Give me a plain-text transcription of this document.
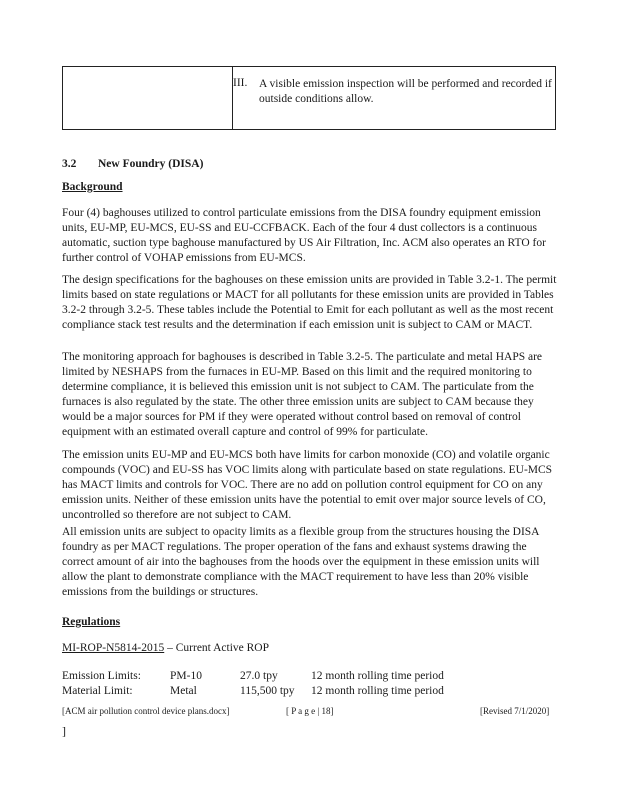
III. A visible emission inspection will be performed and recorded if outside conditions allow.
3.2 New Foundry (DISA)
Background

Four (4) baghouses utilized to control particulate emissions from the DISA foundry equipment emission units, EU-MP, EU-MCS, EU-SS and EU-CCFBACK. Each of the four 4 dust collectors is a continuous automatic, suction type baghouse manufactured by US Air Filtration, Inc. ACM also operates an RTO for further control of VOHAP emissions from EU-MCS.

The design specifications for the baghouses on these emission units are provided in Table 3.2-1. The permit limits based on state regulations or MACT for all pollutants for these emission units are provided in Tables 3.2-2 through 3.2-5. These tables include the Potential to Emit for each pollutant as well as the most recent compliance stack test results and the determination if each emission unit is subject to CAM or MACT.

The monitoring approach for baghouses is described in Table 3.2-5. The particulate and metal HAPS are limited by NESHAPS from the furnaces in EU-MP. Based on this limit and the required monitoring to determine compliance, it is believed this emission unit is not subject to CAM. The particulate from the furnaces is also regulated by the state. The other three emission units are subject to CAM because they would be a major sources for PM if they were operated without control based on removal of control equipment with an estimated overall capture and control of 99% for particulate.

The emission units EU-MP and EU-MCS both have limits for carbon monoxide (CO) and volatile organic compounds (VOC) and EU-SS has VOC limits along with particulate based on state regulations. EU-MCS has MACT limits and controls for VOC. There are no add on pollution control equipment for CO on any emission units. Neither of these emission units have the potential to emit over major source levels of CO, uncontrolled so therefore are not subject to CAM.

All emission units are subject to opacity limits as a flexible group from the structures housing the DISA foundry as per MACT regulations. The proper operation of the fans and exhaust systems drawing the correct amount of air into the baghouses from the hoods over the equipment in these emission units will allow the plant to demonstrate compliance with the MACT requirement to have less than 20% visible emissions from the buildings or structures.

Regulations
MI-ROP-N5814-2015 – Current Active ROP
Emission Limits:	PM-10	27.0 tpy	12 month rolling time period
Material Limit:	Metal	115,500 tpy 12 month rolling time period
[ACM air pollution control device plans.docx]	[ P a g e | 18]	[Revised 7/1/2020]
]
